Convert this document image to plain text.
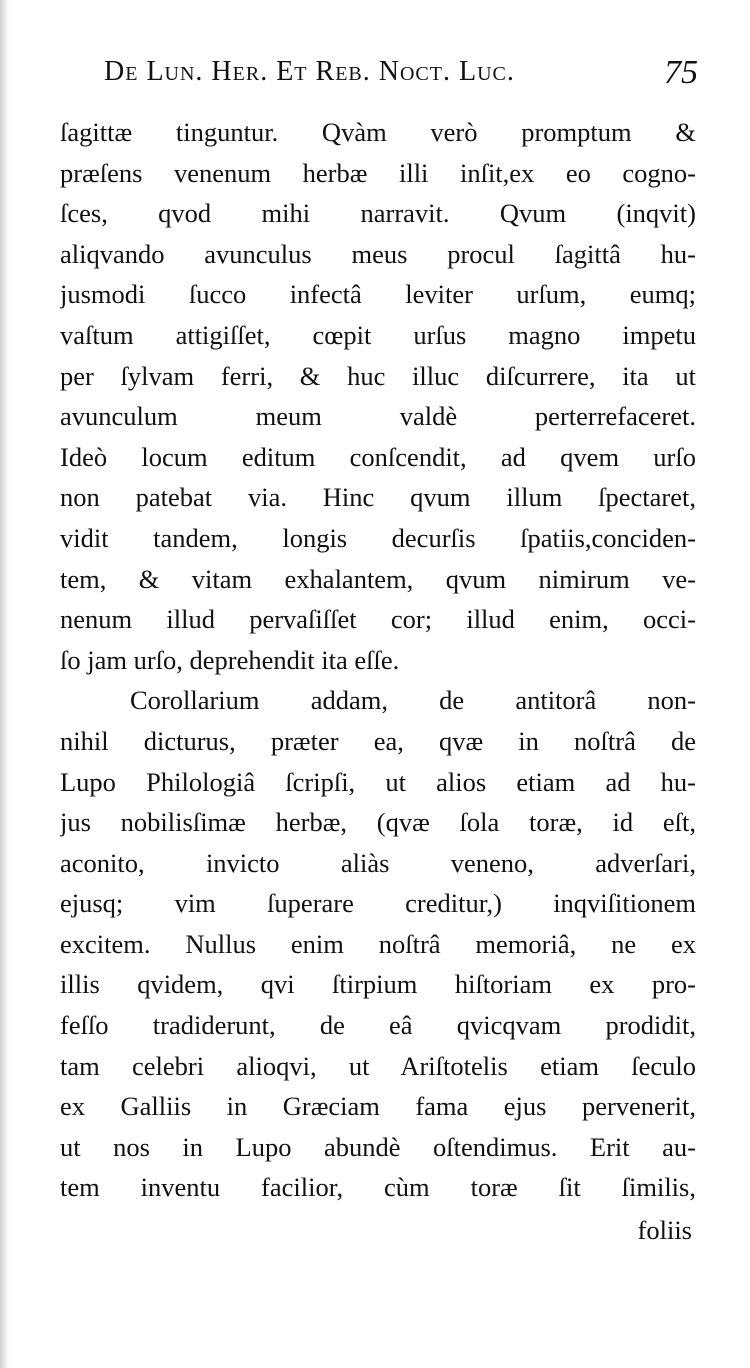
De Lun. Her. Et Reb. Noct. Luc.	75
ſagittæ tinguntur. Qvàm verò promptum &
præſens venenum herbæ illi inſit,ex eo cogno-
ſces, qvod mihi narravit. Qvum (inqvit)
aliqvando avunculus meus procul ſagittâ hu-
jusmodi ſucco infectâ leviter urſum, eumq;
vaſtum attigiſſet, cœpit urſus magno impetu
per ſylvam ferri, & huc illuc diſcurrere, ita ut
avunculum meum valdè perterrefaceret.
Ideò locum editum conſcendit, ad qvem urſo
non patebat via. Hinc qvum illum ſpectaret,
vidit tandem, longis decurſis ſpatiis,conciden-
tem, & vitam exhalantem, qvum nimirum ve-
nenum illud pervaſiſſet cor; illud enim, occi-
ſo jam urſo, deprehendit ita eſſe.
Corollarium addam, de antitorâ non-
nihil dicturus, præter ea, qvæ in noſtrâ de
Lupo Philologiâ ſcripſi, ut alios etiam ad hu-
jus nobilisſimæ herbæ, (qvæ ſola toræ, id eſt,
aconito, invicto aliàs veneno, adverſari,
ejusq; vim ſuperare creditur,) inqviſitionem
excitem. Nullus enim noſtrâ memoriâ, ne ex
illis qvidem, qvi ſtirpium hiſtoriam ex pro-
feſſo tradiderunt, de eâ qvicqvam prodidit,
tam celebri alioqvi, ut Ariſtotelis etiam ſeculo
ex Galliis in Græciam fama ejus pervenerit,
ut nos in Lupo abundè oſtendimus. Erit au-
tem inventu facilior, cùm toræ ſit ſimilis,
foliis
